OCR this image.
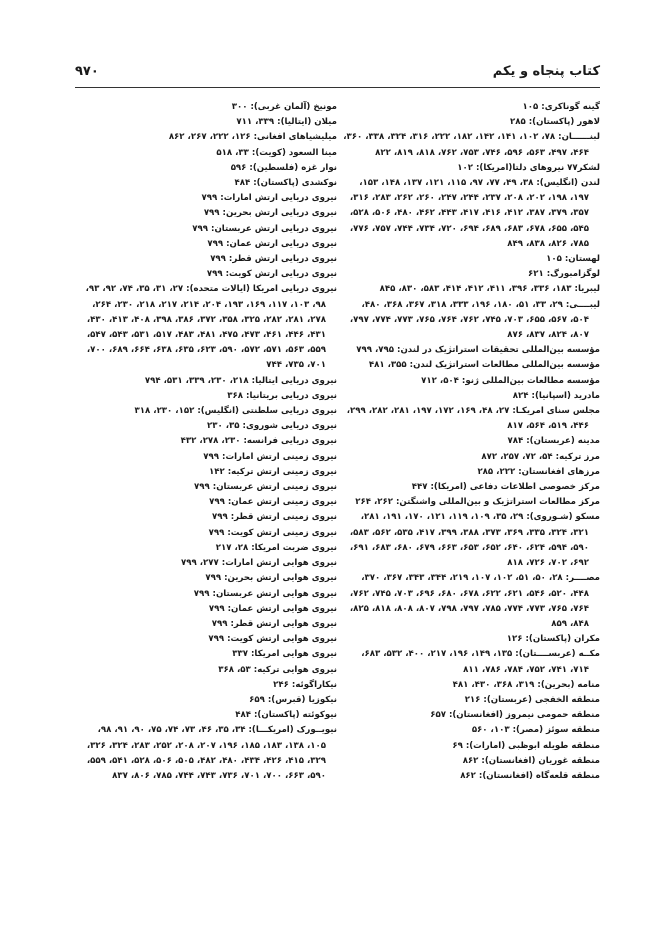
۹۷۰	کتاب پنجاه و یکم

گینه گوناکری: ۱۰۵

لاهور (پاکستان): ۲۸۵

لبنــــــان: ۷۸، ۱۰۲، ۱۴۱، ۱۴۲، ۱۸۲، ۲۲۲، ۳۱۶، ۳۲۴، ۳۳۸، ۳۶۰، ۴۶۴، ۴۹۷، ۵۶۳، ۵۹۶، ۷۴۶، ۷۵۳، ۷۶۲، ۸۱۸، ۸۱۹، ۸۲۲

لشکر۷۷ نیروهای دلتا(امریکا): ۱۰۲

لندن (انگلیس): ۳۸، ۴۹، ۷۷، ۹۷، ۱۱۵، ۱۲۱، ۱۳۷، ۱۴۸، ۱۵۳، ۱۹۷، ۱۹۸، ۲۰۲، ۲۰۸، ۲۳۷، ۲۴۴، ۲۴۷، ۲۶۰، ۲۶۲، ۲۸۳، ۳۱۶، ۳۵۷، ۳۷۹، ۳۸۷، ۴۱۲، ۴۱۶، ۴۱۷، ۴۴۳، ۴۶۲، ۴۸۰، ۵۰۶، ۵۲۸، ۵۴۵، ۶۵۵، ۶۷۸، ۶۸۳، ۶۸۹، ۶۹۴، ۷۲۰، ۷۳۴، ۷۴۴، ۷۵۷، ۷۷۶، ۷۸۵، ۸۲۶، ۸۳۸، ۸۴۹

لهستان: ۱۰۵

لوگزامبورگ: ۶۲۱

لیبریا: ۱۸۳، ۳۳۶، ۳۹۶، ۴۱۱، ۴۱۲، ۴۱۴، ۵۸۳، ۸۳۰، ۸۴۵

لیبــــی: ۲۹، ۳۳، ۵۱، ۱۸۰، ۱۹۶، ۳۳۳، ۳۱۸، ۳۶۷، ۳۶۸، ۴۸۰، ۵۰۴، ۵۶۷، ۶۵۵، ۷۰۳، ۷۴۵، ۷۶۲، ۷۶۴، ۷۶۵، ۷۷۳، ۷۷۴، ۷۹۷، ۸۰۷، ۸۲۴، ۸۳۷، ۸۷۶

مؤسسه بین‌المللی تحقیقات استراتژیک در لندن: ۷۹۵، ۷۹۹

مؤسسه بین‌المللی مطالعات استراتژیک لندن: ۳۵۵، ۴۸۱

مؤسسه مطالعات بین‌المللی ژنو: ۵۰۴، ۷۱۲

مادرید (اسپانیا): ۸۲۴

مجلس سنای امریکـا: ۲۷، ۴۸، ۱۶۹، ۱۷۲، ۱۹۷، ۲۸۱، ۲۸۲، ۲۹۹، ۴۴۶، ۵۱۹، ۵۶۴، ۸۱۷

مدینه (عربستان): ۷۸۴

مرز ترکیه: ۵۴، ۷۲، ۲۵۷، ۸۷۲

مرزهای افغانستان: ۲۲۲، ۲۸۵

مرکز خصوصی اطلاعات دفاعی (امریکا): ۴۴۷

مرکز مطالعات استراتژیک و بین‌المللی واشنگتن: ۲۶۲، ۲۶۴

مسکو (شـوروی): ۲۹، ۳۵، ۱۰۹، ۱۱۹، ۱۲۱، ۱۷۰، ۱۹۱، ۲۸۱، ۳۲۱، ۳۲۴، ۳۳۵، ۳۶۹، ۳۷۳، ۳۸۸، ۳۹۹، ۴۱۷، ۵۳۵، ۵۶۲، ۵۸۳، ۵۹۰، ۵۹۴، ۶۲۴، ۶۴۰، ۶۵۲، ۶۵۳، ۶۶۳، ۶۷۹، ۶۸۰، ۶۸۳، ۶۹۱، ۶۹۲، ۷۰۲، ۷۲۶، ۸۱۸

مصــــر: ۲۸، ۵۰، ۵۱، ۱۰۲، ۱۰۷، ۲۱۹، ۳۴۴، ۳۴۳، ۳۶۷، ۳۷۰، ۴۴۸، ۵۲۰، ۵۴۶، ۶۲۱، ۶۲۲، ۶۷۸، ۶۸۰، ۶۹۶، ۷۰۳، ۷۴۵، ۷۶۲، ۷۶۴، ۷۶۵، ۷۷۳، ۷۷۴، ۷۸۵، ۷۹۷، ۷۹۸، ۸۰۷، ۸۰۸، ۸۱۸، ۸۲۵، ۸۴۸، ۸۵۹

مکران (پاکستان): ۱۲۶

مکــه (عربســــتان): ۱۳۵، ۱۴۹، ۱۹۶، ۲۱۷، ۴۰۰، ۵۳۲، ۶۸۳، ۷۱۴، ۷۴۱، ۷۵۲، ۷۸۴، ۷۸۶، ۸۱۱

منامه (بحرین): ۳۱۹، ۳۶۸، ۴۳۰، ۴۸۱

منطقه الخفجی (عربستان): ۲۱۶

منطقه حمومی نیمروز (افغانستان): ۶۵۷

منطقه سوئز (مصر): ۱۰۳، ۵۶۰

منطقه طویله ابوظبی (امارات): ۶۹

منطقه غوریان (افغانستان): ۸۶۲

منطقه قلعه‌گاه (افغانستان): ۸۶۲

مونیخ (آلمان غربی): ۳۰۰

میلان (ایتالیا): ۳۳۹، ۷۱۱

میلیشیاهای افغانی: ۱۲۶، ۲۲۲، ۲۶۷، ۸۶۲

مینا السعود (کویت): ۳۳، ۵۱۸

نوار غزه (فلسطین): ۵۹۶

نوکشدی (پاکستان): ۴۸۴

نیروی دریایی ارتش امارات: ۷۹۹

نیروی دریایی ارتش بحرین: ۷۹۹

نیروی دریایی ارتش عربستان: ۷۹۹

نیروی دریایی ارتش عمان: ۷۹۹

نیروی دریایی ارتش قطر: ۷۹۹

نیروی دریایی ارتش کویت: ۷۹۹

نیروی دریایی امریکا (ایالات متحده): ۲۷، ۳۱، ۳۵، ۷۴، ۹۲، ۹۳، ۹۸، ۱۰۳، ۱۱۷، ۱۶۹، ۱۹۳، ۲۰۴، ۲۱۴، ۲۱۷، ۲۱۸، ۲۳۰، ۲۶۴، ۲۷۸، ۲۸۱، ۲۸۲، ۳۲۵، ۳۵۸، ۳۷۲، ۳۸۶، ۳۹۸، ۴۰۸، ۴۱۳، ۴۳۰، ۴۳۱، ۴۴۶، ۴۶۱، ۴۷۳، ۴۷۵، ۴۸۱، ۴۸۳، ۵۱۷، ۵۳۱، ۵۴۳، ۵۴۷، ۵۵۹، ۵۶۳، ۵۷۱، ۵۷۲، ۵۹۰، ۶۲۳، ۶۳۵، ۶۳۸، ۶۶۴، ۶۸۹، ۷۰۰، ۷۰۱، ۷۳۵، ۷۴۴

نیروی دریایی ایتالیا: ۲۱۸، ۲۳۰، ۳۳۹، ۵۳۱، ۷۹۴

نیروی دریایی بریتانیا: ۳۶۸

نیروی دریایی سلطنتی (انگلیس): ۱۵۲، ۲۳۰، ۳۱۸

نیروی دریایی شوروی: ۳۵، ۲۳۰

نیروی دریایی فرانسه: ۲۳۰، ۲۷۸، ۴۳۲

نیروی زمینی ارتش امارات: ۷۹۹

نیروی زمینی ارتش ترکیه: ۱۴۲

نیروی زمینی ارتش عربستان: ۷۹۹

نیروی زمینی ارتش عمان: ۷۹۹

نیروی زمینی ارتش قطر: ۷۹۹

نیروی زمینی ارتش کویت: ۷۹۹

نیروی ضربت امریکا: ۲۸، ۲۱۷

نیروی هوایی ارتش امارات: ۲۷۷، ۷۹۹

نیروی هوایی ارتش بحرین: ۷۹۹

نیروی هوایی ارتش عربستان: ۷۹۹

نیروی هوایی ارتش عمان: ۷۹۹

نیروی هوایی ارتش قطر: ۷۹۹

نیروی هوایی ارتش کویت: ۷۹۹

نیروی هوایی امریکا: ۳۳۷

نیروی هوایی ترکیه: ۵۳، ۳۶۸

نیکاراگوئه: ۲۴۶

نیکوزیا (قبرس): ۶۵۹

نیوکوئته (پاکستان): ۴۸۴

نیویــورک (امریکـــا): ۳۴، ۳۵، ۴۶، ۷۳، ۷۴، ۷۵، ۹۰، ۹۱، ۹۸، ۱۰۵، ۱۳۸، ۱۸۳، ۱۸۵، ۱۹۶، ۲۰۷، ۲۰۸، ۲۵۲، ۲۸۳، ۳۲۴، ۳۲۶، ۳۲۹، ۴۱۵، ۴۲۶، ۴۳۴، ۴۸۰، ۴۸۲، ۵۰۵، ۵۰۶، ۵۲۸، ۵۴۱، ۵۵۹، ۵۹۰، ۶۶۳، ۷۰۰، ۷۰۱، ۷۳۶، ۷۴۳، ۷۴۴، ۷۸۵، ۸۰۶، ۸۳۷
